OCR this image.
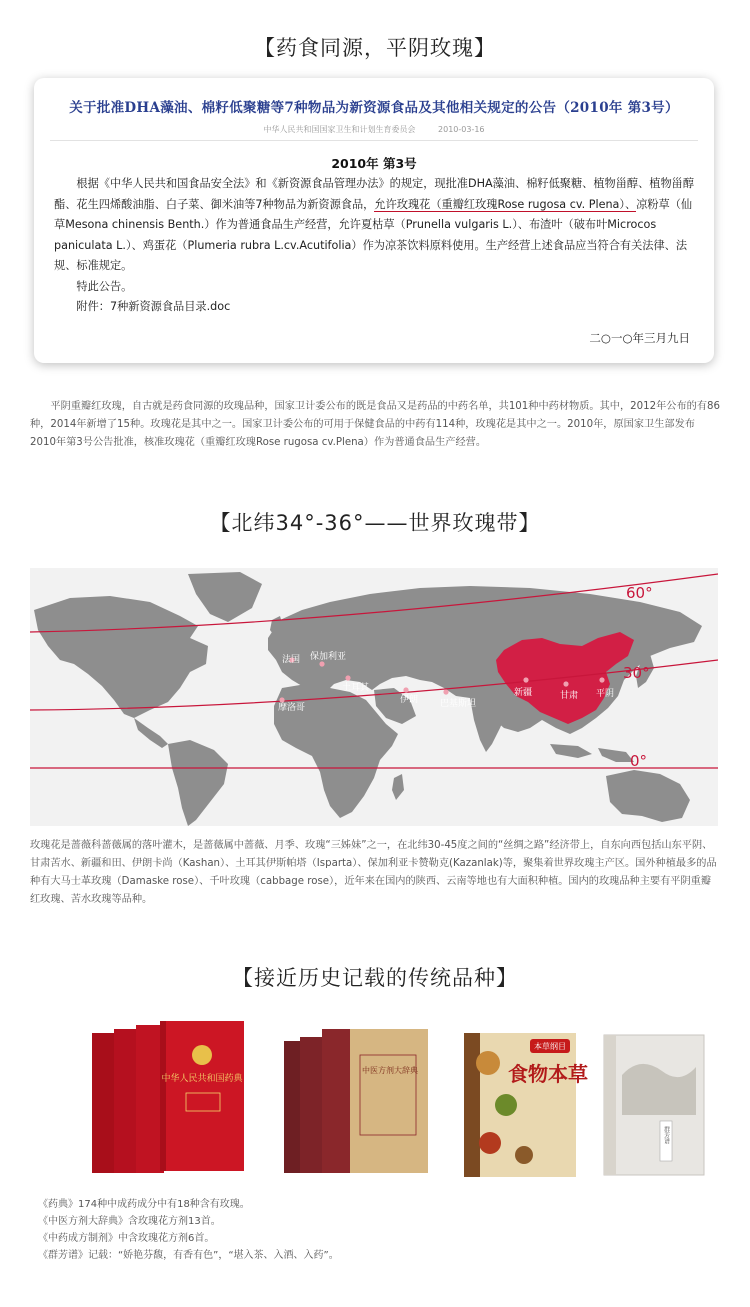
【药食同源，平阴玫瑰】
关于批准DHA藻油、棉籽低聚糖等7种物品为新资源食品及其他相关规定的公告（2010年 第3号）
中华人民共和国国家卫生和计划生育委员会	2010-03-16
2010年 第3号

根据《中华人民共和国食品安全法》和《新资源食品管理办法》的规定，现批准DHA藻油、棉籽低聚糖、植物甾醇、植物甾醇酯、花生四烯酸油脂、白子菜、御米油等7种物品为新资源食品，允许玫瑰花（重瓣红玫瑰Rose rugosa cv. Plena）、凉粉草（仙草Mesona chinensis Benth.）作为普通食品生产经营，允许夏枯草（Prunella vulgaris L.）、布渣叶（破布叶Microcos paniculata L.）、鸡蛋花（Plumeria rubra L.cv.Acutifolia）作为凉茶饮料原料使用。生产经营上述食品应当符合有关法律、法规、标准规定。

特此公告。

附件：7种新资源食品目录.doc

二○一○年三月九日
平阴重瓣红玫瑰，自古就是药食同源的玫瑰品种，国家卫计委公布的既是食品又是药品的中药名单，共101种中药材物质。其中，2012年公布的有86种，2014年新增了15种。玫瑰花是其中之一。国家卫计委公布的可用于保健食品的中药有114种，玫瑰花是其中之一。2010年，原国家卫生部发布2010年第3号公告批准，核准玫瑰花（重瓣红玫瑰Rose rugosa cv.Plena）作为普通食品生产经营。
【北纬34°-36°——世界玫瑰带】
60°
30°
0°
法国 保加利亚
土耳其
摩洛哥
伊朗 巴基斯坦
新疆	甘肃 平阴
玫瑰花是蔷薇科蔷薇属的落叶灌木，是蔷薇属中蔷薇、月季、玫瑰“三姊妹”之一，在北纬30-45度之间的“丝绸之路”经济带上，自东向西包括山东平阴、甘肃苦水、新疆和田、伊朗卡尚（Kashan）、土耳其伊斯帕塔（Isparta）、保加利亚卡赞勒克(Kazanlak)等，聚集着世界玫瑰主产区。国外种植最多的品种有大马士革玫瑰（Damaske rose）、千叶玫瑰（cabbage rose），近年来在国内的陕西、云南等地也有大面积种植。国内的玫瑰品种主要有平阴重瓣红玫瑰、苦水玫瑰等品种。
【接近历史记载的传统品种】
中华人民共和国药典
中医方剂大辞典	食物本草
本草纲目
群芳谱
《药典》174种中成药成分中有18种含有玫瑰。
《中医方剂大辞典》含玫瑰花方剂13首。
《中药成方制剂》中含玫瑰花方剂6首。
《群芳谱》记载：“娇艳芬馥，有香有色”，“堪入茶、入酒、入药”。
